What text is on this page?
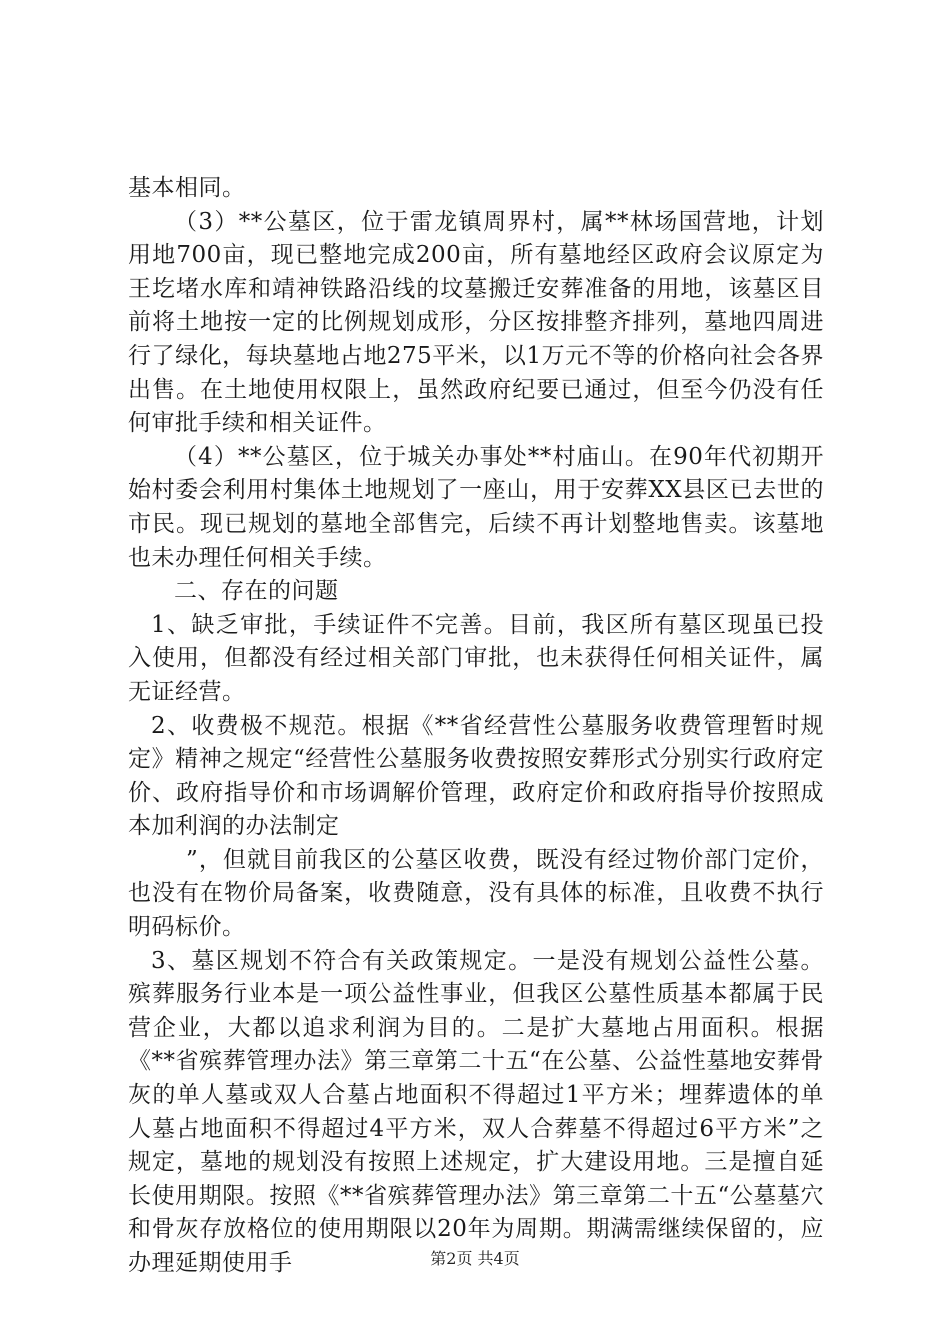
基本相同。

（3）**公墓区，位于雷龙镇周界村，属**林场国营地，计划用地700亩，现已整地完成200亩，所有墓地经区政府会议原定为王圪堵水库和靖神铁路沿线的坟墓搬迁安葬准备的用地，该墓区目前将土地按一定的比例规划成形，分区按排整齐排列，墓地四周进行了绿化，每块墓地占地275平米，以1万元不等的价格向社会各界出售。在土地使用权限上，虽然政府纪要已通过，但至今仍没有任何审批手续和相关证件。

（4）**公墓区，位于城关办事处**村庙山。在90年代初期开始村委会利用村集体土地规划了一座山，用于安葬XX县区已去世的市民。现已规划的墓地全部售完，后续不再计划整地售卖。该墓地也未办理任何相关手续。

二、存在的问题

1、缺乏审批，手续证件不完善。目前，我区所有墓区现虽已投入使用，但都没有经过相关部门审批，也未获得任何相关证件，属无证经营。

2、收费极不规范。根据《**省经营性公墓服务收费管理暂时规定》精神之规定“经营性公墓服务收费按照安葬形式分别实行政府定价、政府指导价和市场调解价管理，政府定价和政府指导价按照成本加利润的办法制定

”，但就目前我区的公墓区收费，既没有经过物价部门定价，也没有在物价局备案，收费随意，没有具体的标准，且收费不执行明码标价。

3、墓区规划不符合有关政策规定。一是没有规划公益性公墓。殡葬服务行业本是一项公益性事业，但我区公墓性质基本都属于民营企业，大都以追求利润为目的。二是扩大墓地占用面积。根据《**省殡葬管理办法》第三章第二十五“在公墓、公益性墓地安葬骨灰的单人墓或双人合墓占地面积不得超过1平方米；埋葬遗体的单人墓占地面积不得超过4平方米，双人合葬墓不得超过6平方米”之规定，墓地的规划没有按照上述规定，扩大建设用地。三是擅自延长使用期限。按照《**省殡葬管理办法》第三章第二十五“公墓墓穴和骨灰存放格位的使用期限以20年为周期。期满需继续保留的，应办理延期使用手	第2页 共4页
